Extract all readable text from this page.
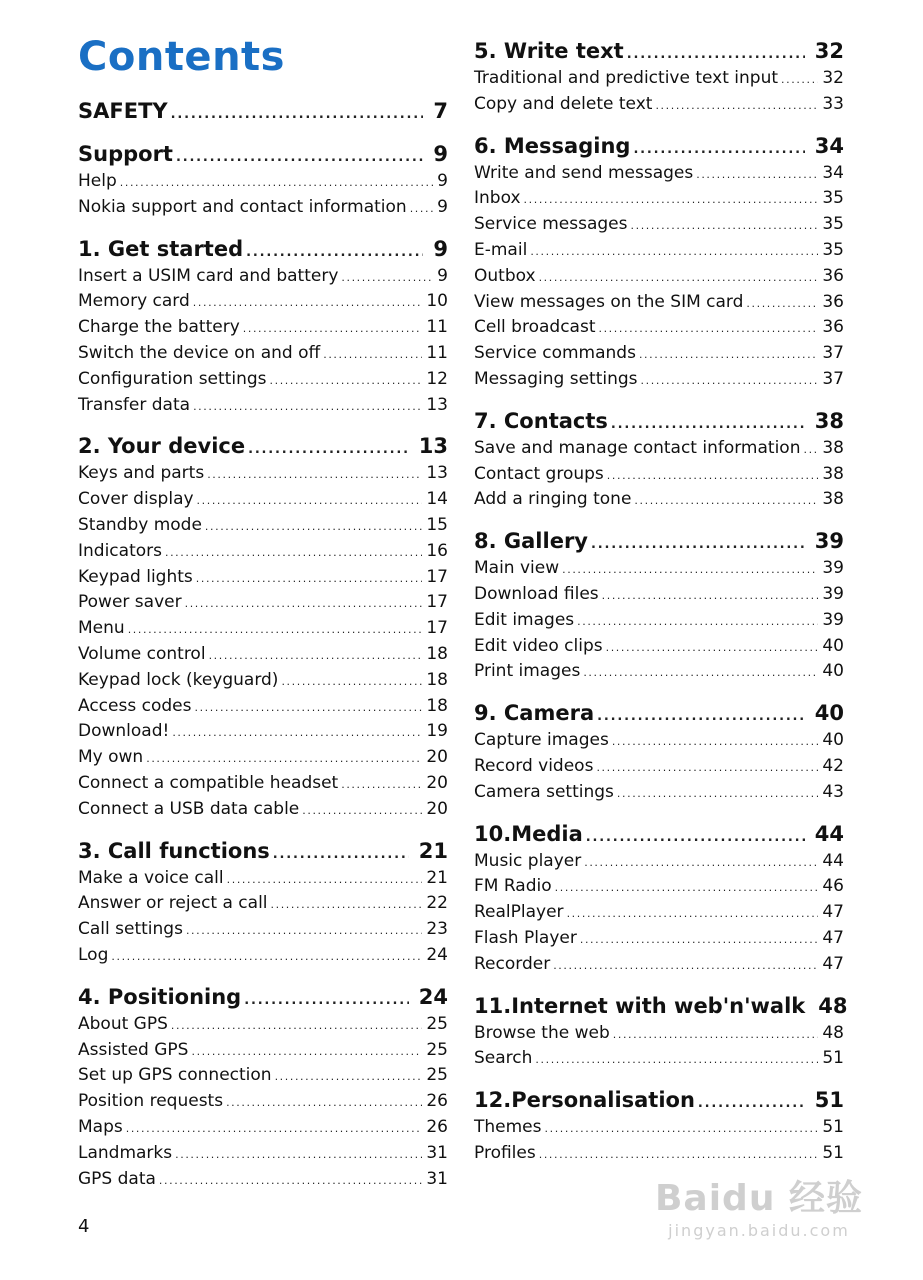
Contents
SAFETY .....	7
Support .....	9
Help .....	9
Nokia support and contact information ..... 9
1. Get started .....	9
Insert a USIM card and battery .....	9
Memory card .....	10
Charge the battery .....	11
Switch the device on and off .....	11
Configuration settings .....	12
Transfer data .....	13
2. Your device .....	13
Keys and parts .....	13
Cover display .....	14
Standby mode .....	15
Indicators .....	16
Keypad lights .....	17
Power saver .....	17
Menu .....	17
Volume control .....	18
Keypad lock (keyguard) .....	18
Access codes .....	18
Download! .....	19
My own .....	20
Connect a compatible headset .....	20
Connect a USB data cable .....	20
3. Call functions .....	21
Make a voice call .....	21
Answer or reject a call .....	22
Call settings .....	23
Log .....	24
4. Positioning .....	24
About GPS .....	25
Assisted GPS .....	25
Set up GPS connection .....	25
Position requests .....	26
Maps .....	26
Landmarks .....	31
GPS data .....	31
5. Write text .....	32
Traditional and predictive text input .....	32
Copy and delete text .....	33
6. Messaging .....	34
Write and send messages .....	34
Inbox .....	35
Service messages .....	35
E-mail .....	35
Outbox .....	36
View messages on the SIM card .....	36
Cell broadcast .....	36
Service commands .....	37
Messaging settings .....	37
7. Contacts .....	38
Save and manage contact information ..... 38
Contact groups .....	38
Add a ringing tone .....	38
8. Gallery .....	39
Main view .....	39
Download files .....	39
Edit images .....	39
Edit video clips .....	40
Print images .....	40
9. Camera .....	40
Capture images .....	40
Record videos .....	42
Camera settings .....	43
10.Media .....	44
Music player .....	44
FM Radio .....	46
RealPlayer .....	47
Flash Player .....	47
Recorder .....	47
11.Internet with web'n'walk 48
Browse the web .....	48
Search .....	51
12.Personalisation .....	51
Themes .....	51
Profiles .....	51

4

Baidu 经验
jingyan.baidu.com
